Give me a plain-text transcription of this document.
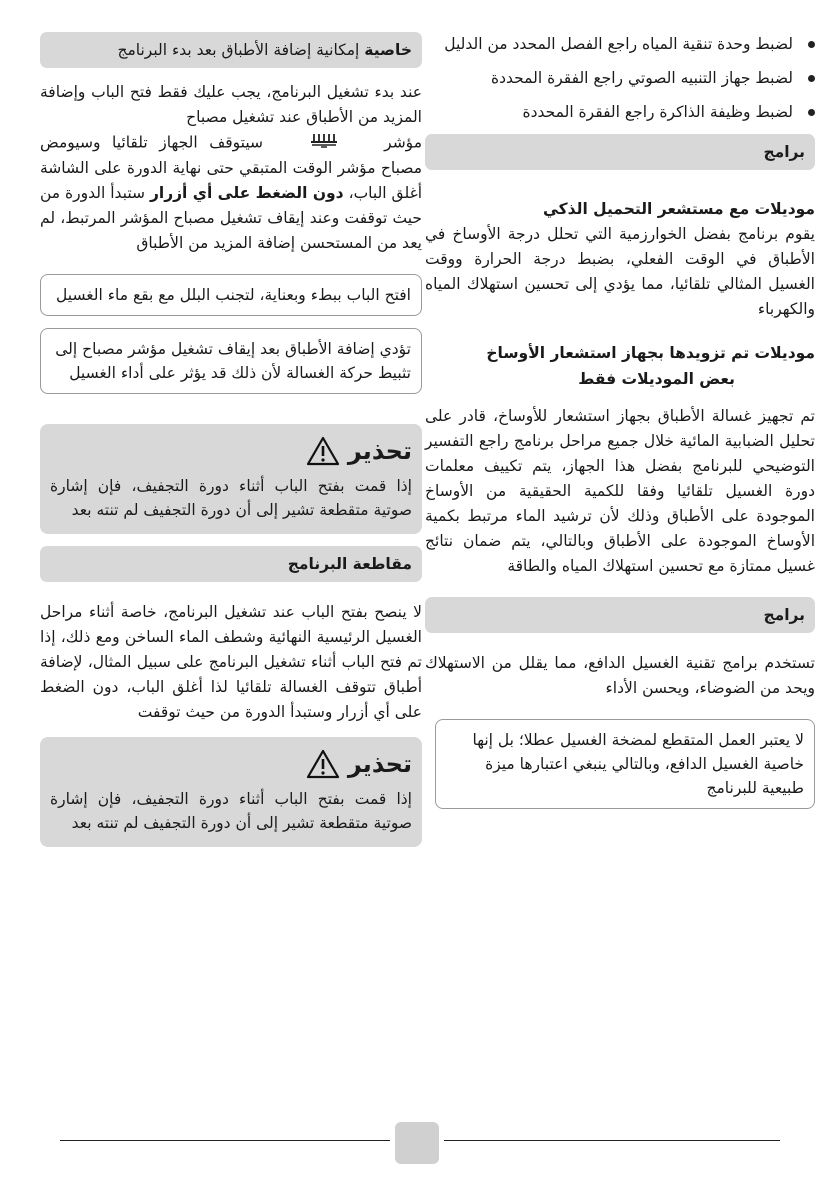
لضبط وحدة تنقية المياه راجع الفصل المحدد من الدليل
لضبط جهاز التنبيه الصوتي راجع الفقرة المحددة
لضبط وظيفة الذاكرة راجع الفقرة المحددة
برامج
موديلات مع مستشعر التحميل الذكي

يقوم برنامج بفضل الخوارزمية التي تحلل درجة الأوساخ في الأطباق في الوقت الفعلي، بضبط درجة الحرارة ووقت الغسيل المثالي تلقائيا، مما يؤدي إلى تحسين استهلاك المياه والكهرباء

موديلات تم تزويدها بجهاز استشعار الأوساخ
بعض الموديلات فقط

تم تجهيز غسالة الأطباق بجهاز استشعار للأوساخ، قادر على تحليل الضبابية المائية خلال جميع مراحل برنامج راجع التفسير التوضيحي للبرنامج بفضل هذا الجهاز، يتم تكييف معلمات دورة الغسيل تلقائيا وفقا للكمية الحقيقية من الأوساخ الموجودة على الأطباق وذلك لأن ترشيد الماء مرتبط بكمية الأوساخ الموجودة على الأطباق وبالتالي، يتم ضمان نتائج غسيل ممتازة مع تحسين استهلاك المياه والطاقة

برامج

تستخدم برامج تقنية الغسيل الدافع، مما يقلل من الاستهلاك ويحد من الضوضاء، ويحسن الأداء

لا يعتبر العمل المتقطع لمضخة الغسيل عطلا؛ بل إنها خاصية الغسيل الدافع، وبالتالي ينبغي اعتبارها ميزة طبيعية للبرنامج
خاصية إمكانية إضافة الأطباق بعد بدء البرنامج

عند بدء تشغيل البرنامج، يجب عليك فقط فتح الباب وإضافة المزيد من الأطباق عند تشغيل مصباح
مؤشر  سيتوقف الجهاز تلقائيا وسيومض مصباح مؤشر الوقت المتبقي حتى نهاية الدورة على الشاشة أغلق الباب، دون الضغط على أي أزرار ستبدأ الدورة من حيث توقفت وعند إيقاف تشغيل مصباح المؤشر المرتبط، لم يعد من المستحسن إضافة المزيد من الأطباق

افتح الباب ببطء وبعناية، لتجنب البلل مع بقع ماء الغسيل
تؤدي إضافة الأطباق بعد إيقاف تشغيل مؤشر مصباح إلى تثبيط حركة الغسالة لأن ذلك قد يؤثر على أداء الغسيل
تحذير

إذا قمت بفتح الباب أثناء دورة التجفيف، فإن إشارة صوتية متقطعة تشير إلى أن دورة التجفيف لم تنته بعد

مقاطعة البرنامج

لا ينصح بفتح الباب عند تشغيل البرنامج، خاصة أثناء مراحل الغسيل الرئيسية النهائية وشطف الماء الساخن ومع ذلك، إذا تم فتح الباب أثناء تشغيل البرنامج على سبيل المثال، لإضافة أطباق تتوقف الغسالة تلقائيا لذا أغلق الباب، دون الضغط على أي أزرار وستبدأ الدورة من حيث توقفت

تحذير

إذا قمت بفتح الباب أثناء دورة التجفيف، فإن إشارة صوتية متقطعة تشير إلى أن دورة التجفيف لم تنته بعد
